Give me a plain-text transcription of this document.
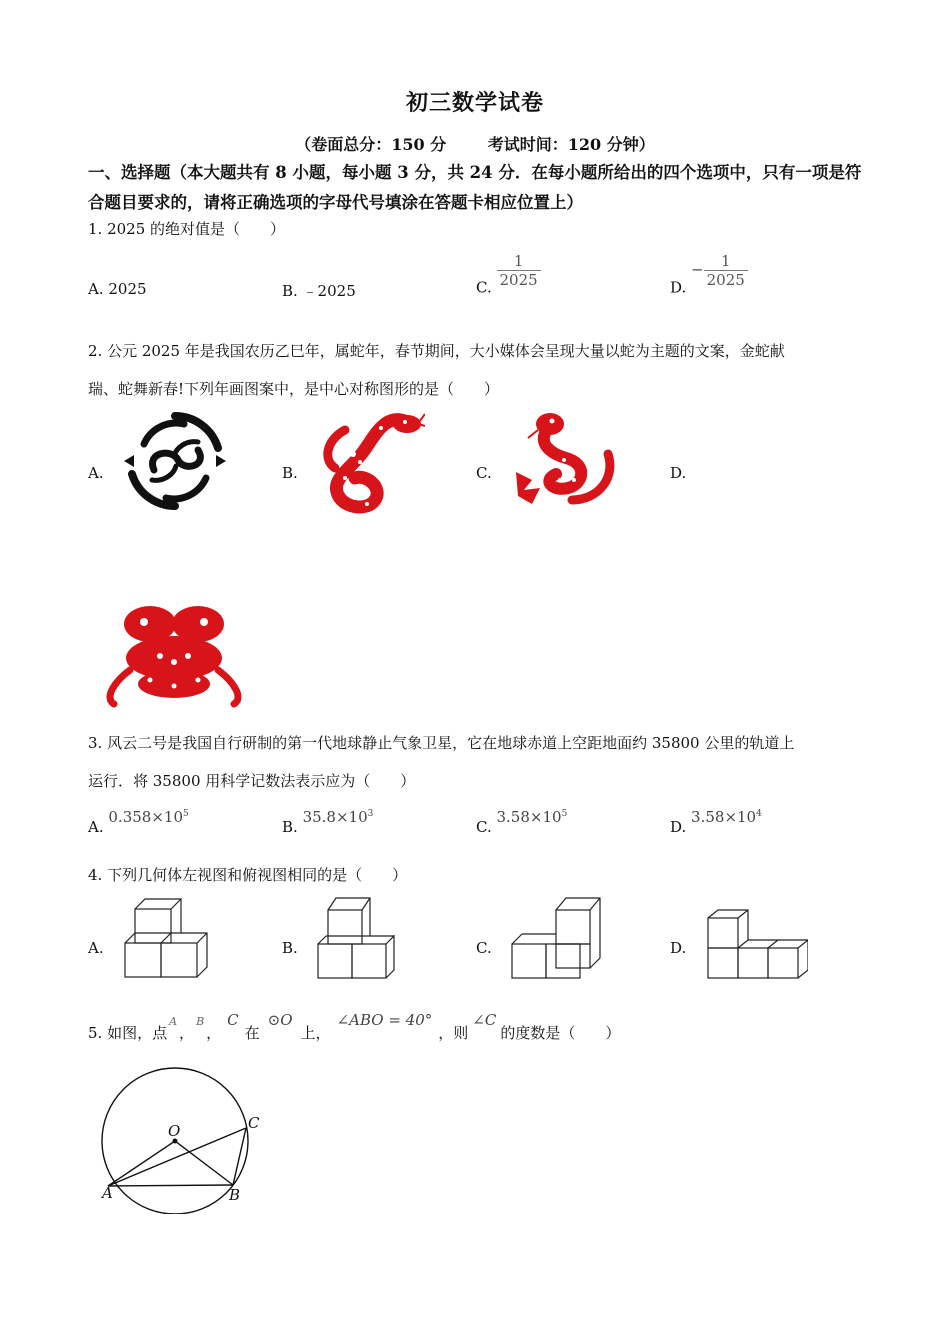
初三数学试卷
（卷面总分：150 分	考试时间：120 分钟）
一、选择题（本大题共有 8 小题，每小题 3 分，共 24 分．在每小题所给出的四个选项中，只有一项是符合题目要求的，请将正确选项的字母代号填涂在答题卡相应位置上）
1. 2025 的绝对值是（　　）
A. 2025	B. ﹣2025	C. $\frac{1}{2025}$	D. − $\frac{1}{2025}$
2. 公元 2025 年是我国农历乙巳年，属蛇年，春节期间，大小媒体会呈现大量以蛇为主题的文案，金蛇献
瑞、蛇舞新春!下列年画图案中，是中心对称图形的是（　　）
A.	B.	C.	D.
3. 风云二号是我国自行研制的第一代地球静止气象卫星，它在地球赤道上空距地面约 35800 公里的轨道上
运行．将 35800 用科学记数法表示应为（　　）
A. $0.358\times 10^5$
B. $35.8\times 10^3$
C. $3.58\times 10^5$
D. $3.58\times 10^4$
4. 下列几何体左视图和俯视图相同的是（　　）
A.	B.	C.	D.
5. 如图，点A，B，C在⊙O上，∠ABO = 40°，则∠C的度数是（　　）
O
A	B
C
